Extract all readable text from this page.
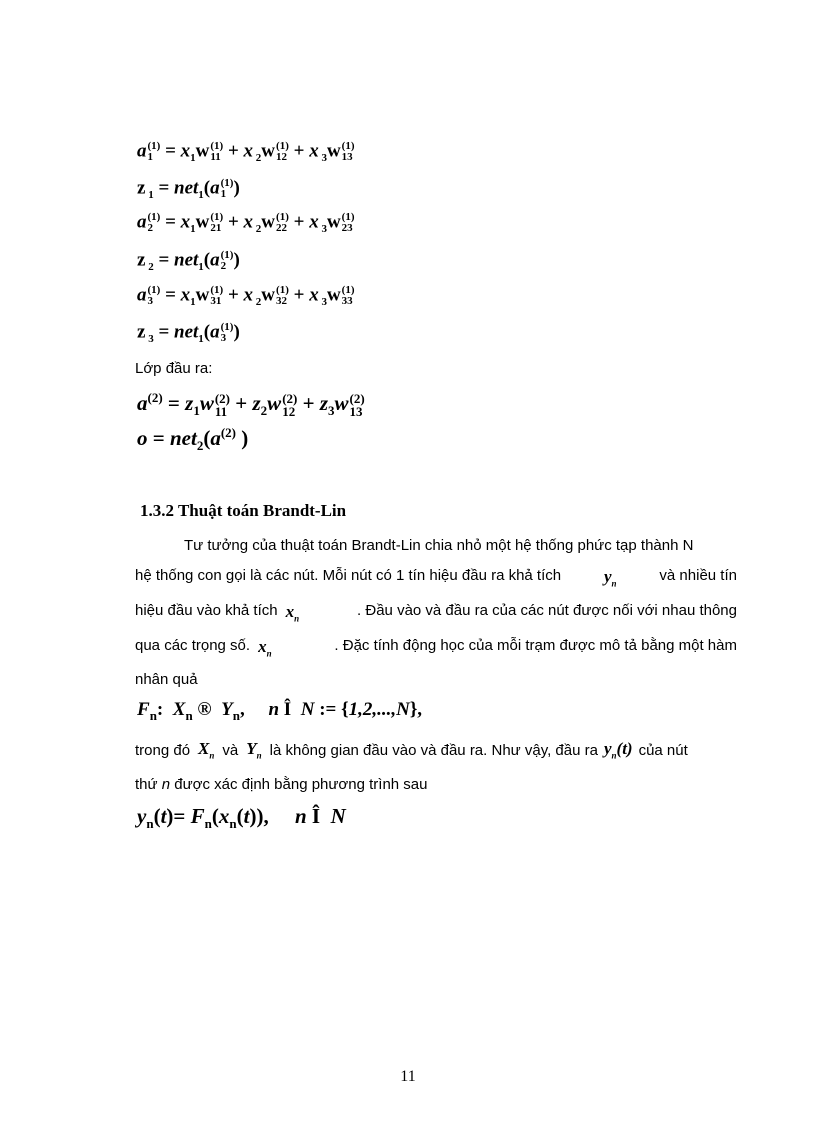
a (1)
$1 = x_1w$ (1)
11 + x $_2$w (1)
12 + x $_3$w (1)
13
z $_1$ = net$_1$(a (1)
1 )
a (1)
$2 = x_1w$ (1)
21 + x $_2$w (1)
22 + x $_3$w (1)
23
z $_2$ = net$_1$(a (1)
2 )
a (1)
$3 = x_1w$ (1)
31 + x $_2$w (1)
32 + x $_3$w (1)
33
z $_3$ = net$_1$(a (1)
3 )
Lớp đầu ra:
$a^{(2)} = z_1w$ (2)
$11 + z_2w$ (2)
$12 + z_3w$ (2)
13
$o = net_2(a^{(2)}$ )
1.3.2 Thuật toán Brandt-Lin
Tư tưởng của thuật toán Brandt-Lin chia nhỏ một hệ thống phức tạp thành N
hệ thống con gọi là các nút. Mỗi nút có 1 tín hiệu đầu ra khả tích	$y_n$	và nhiều tín
hiệu đầu vào khả tích $x_n$	. Đầu vào và đầu ra của các nút được nối với nhau thông
qua các trọng số. $x_n$	. Đặc tính động học của mỗi trạm được mô tả bằng một hàm
nhân quả
$F_n$:  $X_n$ ®  $Y_n$,     n Î  N := {1,2,...,N},
trong đó $X_n$ và $Y_n$ là không gian đầu vào và đầu ra. Như vậy, đầu ra $y_n(t)$ của nút
thứ n được xác định bằng phương trình sau
$y_n(t)= F_n(x_n(t))$,     n Î  N
11
